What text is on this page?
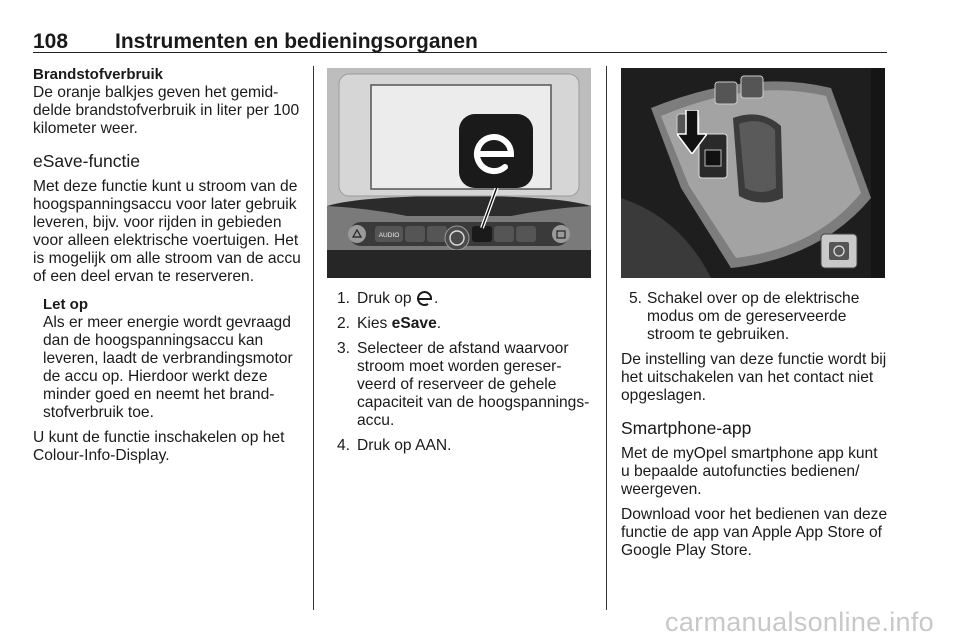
108 Instrumenten en bedieningsorganen

Brandstofverbruik

De oranje balkjes geven het gemid-delde brandstofverbruik in liter per 100 kilometer weer.

eSave-functie

Met deze functie kunt u stroom van de hoogspanningsaccu voor later gebruik leveren, bijv. voor rijden in gebieden voor alleen elektrische voertuigen. Het is mogelijk om alle stroom van de accu of een deel ervan te reserveren.

Let op

Als er meer energie wordt gevraagd dan de hoogspanningsaccu kan leveren, laadt de verbrandingsmotor de accu op. Hierdoor werkt deze minder goed en neemt het brand-stofverbruik toe.

U kunt de functie inschakelen op het Colour-Info-Display.

AUDIO
1. Druk op .
2. Kies eSave.
3. Selecteer de afstand waarvoor stroom moet worden gereser-veerd of reserveer de gehele capaciteit van de hoogspannings-accu.
4. Druk op AAN.
5. Schakel over op de elektrische modus om de gereserveerde stroom te gebruiken.

De instelling van deze functie wordt bij het uitschakelen van het contact niet opgeslagen.

Smartphone-app

Met de myOpel smartphone app kunt u bepaalde autofuncties bedienen/ weergeven.

Download voor het bedienen van deze functie de app van Apple App Store of Google Play Store.

carmanualsonline.info
